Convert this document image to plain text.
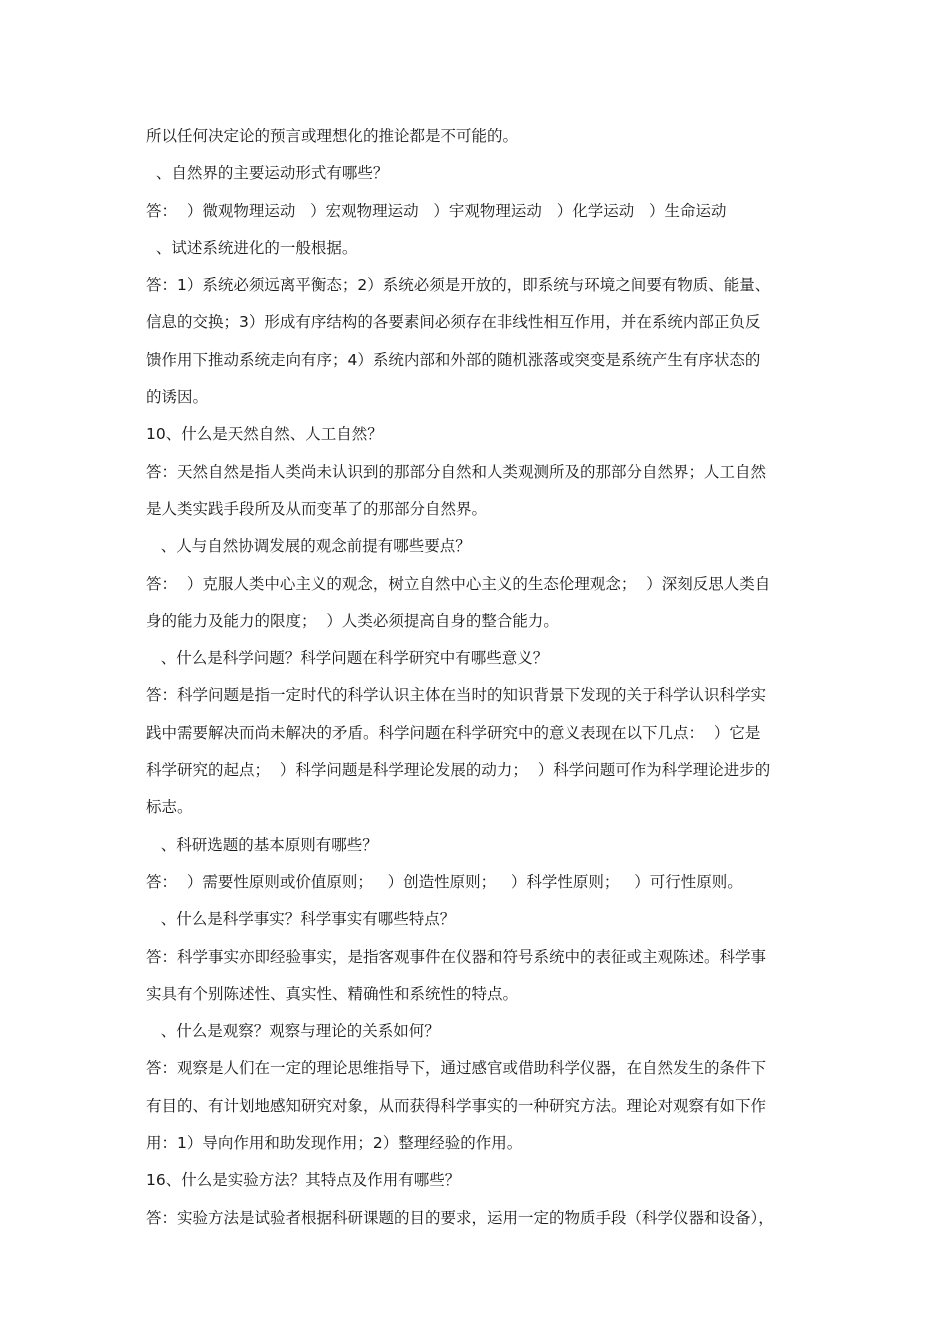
所以任何决定论的预言或理想化的推论都是不可能的。
、自然界的主要运动形式有哪些？
答：  ）微观物理运动   ）宏观物理运动   ）宇观物理运动   ）化学运动   ）生命运动
、试述系统进化的一般根据。
答：1）系统必须远离平衡态；2）系统必须是开放的，即系统与环境之间要有物质、能量、
信息的交换；3）形成有序结构的各要素间必须存在非线性相互作用，并在系统内部正负反
馈作用下推动系统走向有序；4）系统内部和外部的随机涨落或突变是系统产生有序状态的
的诱因。
10、什么是天然自然、人工自然？
答：天然自然是指人类尚未认识到的那部分自然和人类观测所及的那部分自然界；人工自然
是人类实践手段所及从而变革了的那部分自然界。
、人与自然协调发展的观念前提有哪些要点？
答：  ）克服人类中心主义的观念，树立自然中心主义的生态伦理观念；  ）深刻反思人类自
身的能力及能力的限度；  ）人类必须提高自身的整合能力。
、什么是科学问题？科学问题在科学研究中有哪些意义？
答：科学问题是指一定时代的科学认识主体在当时的知识背景下发现的关于科学认识科学实
践中需要解决而尚未解决的矛盾。科学问题在科学研究中的意义表现在以下几点：  ）它是
科学研究的起点；  ）科学问题是科学理论发展的动力；  ）科学问题可作为科学理论进步的
标志。
、科研选题的基本原则有哪些？
答：  ）需要性原则或价值原则；   ）创造性原则；   ）科学性原则；   ）可行性原则。
、什么是科学事实？科学事实有哪些特点？
答：科学事实亦即经验事实，是指客观事件在仪器和符号系统中的表征或主观陈述。科学事
实具有个别陈述性、真实性、精确性和系统性的特点。
、什么是观察？观察与理论的关系如何？
答：观察是人们在一定的理论思维指导下，通过感官或借助科学仪器，在自然发生的条件下
有目的、有计划地感知研究对象，从而获得科学事实的一种研究方法。理论对观察有如下作
用：1）导向作用和助发现作用；2）整理经验的作用。
16、什么是实验方法？其特点及作用有哪些？
答：实验方法是试验者根据科研课题的目的要求，运用一定的物质手段（科学仪器和设备），
